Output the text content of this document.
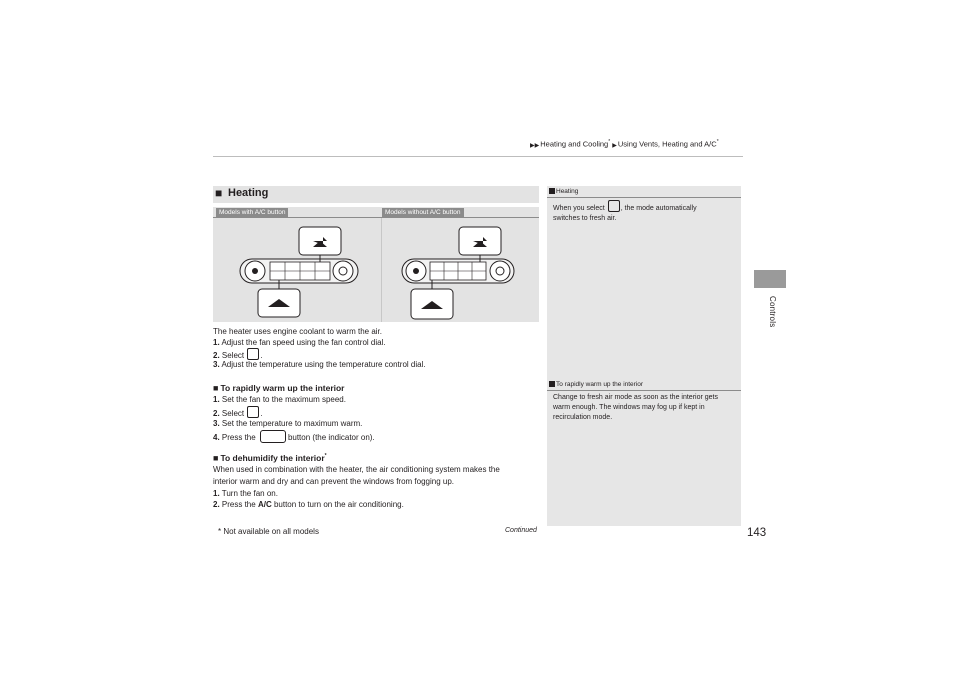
▶▶Heating and Cooling* ▶Using Vents, Heating and A/C*
Controls
■ Heating
Models with A/C button	Models without A/C button
The heater uses engine coolant to warm the air.
1. Adjust the fan speed using the fan control dial.
2. Select .
3. Adjust the temperature using the temperature control dial.
■ To rapidly warm up the interior
1. Set the fan to the maximum speed.
2. Select .
3. Set the temperature to maximum warm.
4. Press the	button (the indicator on).
■ To dehumidify the interior*
When used in combination with the heater, the air conditioning system makes the
interior warm and dry and can prevent the windows from fogging up.
1. Turn the fan on.
2. Press the A/C button to turn on the air conditioning.
Heating
When you select , the mode automatically
switches to fresh air.
To rapidly warm up the interior
Change to fresh air mode as soon as the interior gets
warm enough. The windows may fog up if kept in
recirculation mode.
* Not available on all models	Continued	143
